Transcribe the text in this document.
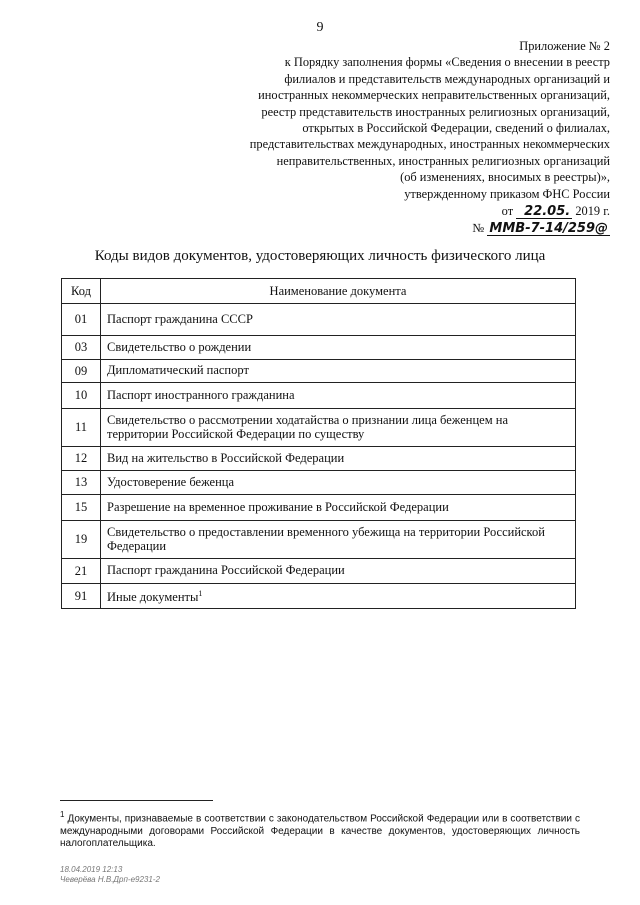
9
Приложение № 2
к Порядку заполнения формы «Сведения о внесении в реестр
филиалов и представительств международных организаций и
иностранных некоммерческих неправительственных организаций,
реестр представительств иностранных религиозных организаций,
открытых в Российской Федерации, сведений о филиалах,
представительствах международных, иностранных некоммерческих
неправительственных, иностранных религиозных организаций
(об изменениях, вносимых в реестры)»,
утвержденному приказом ФНС России
от 22.05. 2019 г.
№ ММВ-7-14/259@
Коды видов документов, удостоверяющих личность физического лица
Код	Наименование документа
01	Паспорт гражданина СССР
03	Свидетельство о рождении
09	Дипломатический паспорт
10	Паспорт иностранного гражданина
11	Свидетельство о рассмотрении ходатайства о признании лица беженцем на территории Российской Федерации по существу
12	Вид на жительство в Российской Федерации
13	Удостоверение беженца
15	Разрешение на временное проживание в Российской Федерации
19	Свидетельство о предоставлении временного убежища на территории Российской Федерации
21	Паспорт гражданина Российской Федерации
91	Иные документы$^1$
$^1$ Документы, признаваемые в соответствии с законодательством Российской Федерации или в соответствии с международными договорами Российской Федерации в качестве документов, удостоверяющих личность налогоплательщика.
18.04.2019 12:13
Чеверёва Н.В.Дрп-е9231-2
